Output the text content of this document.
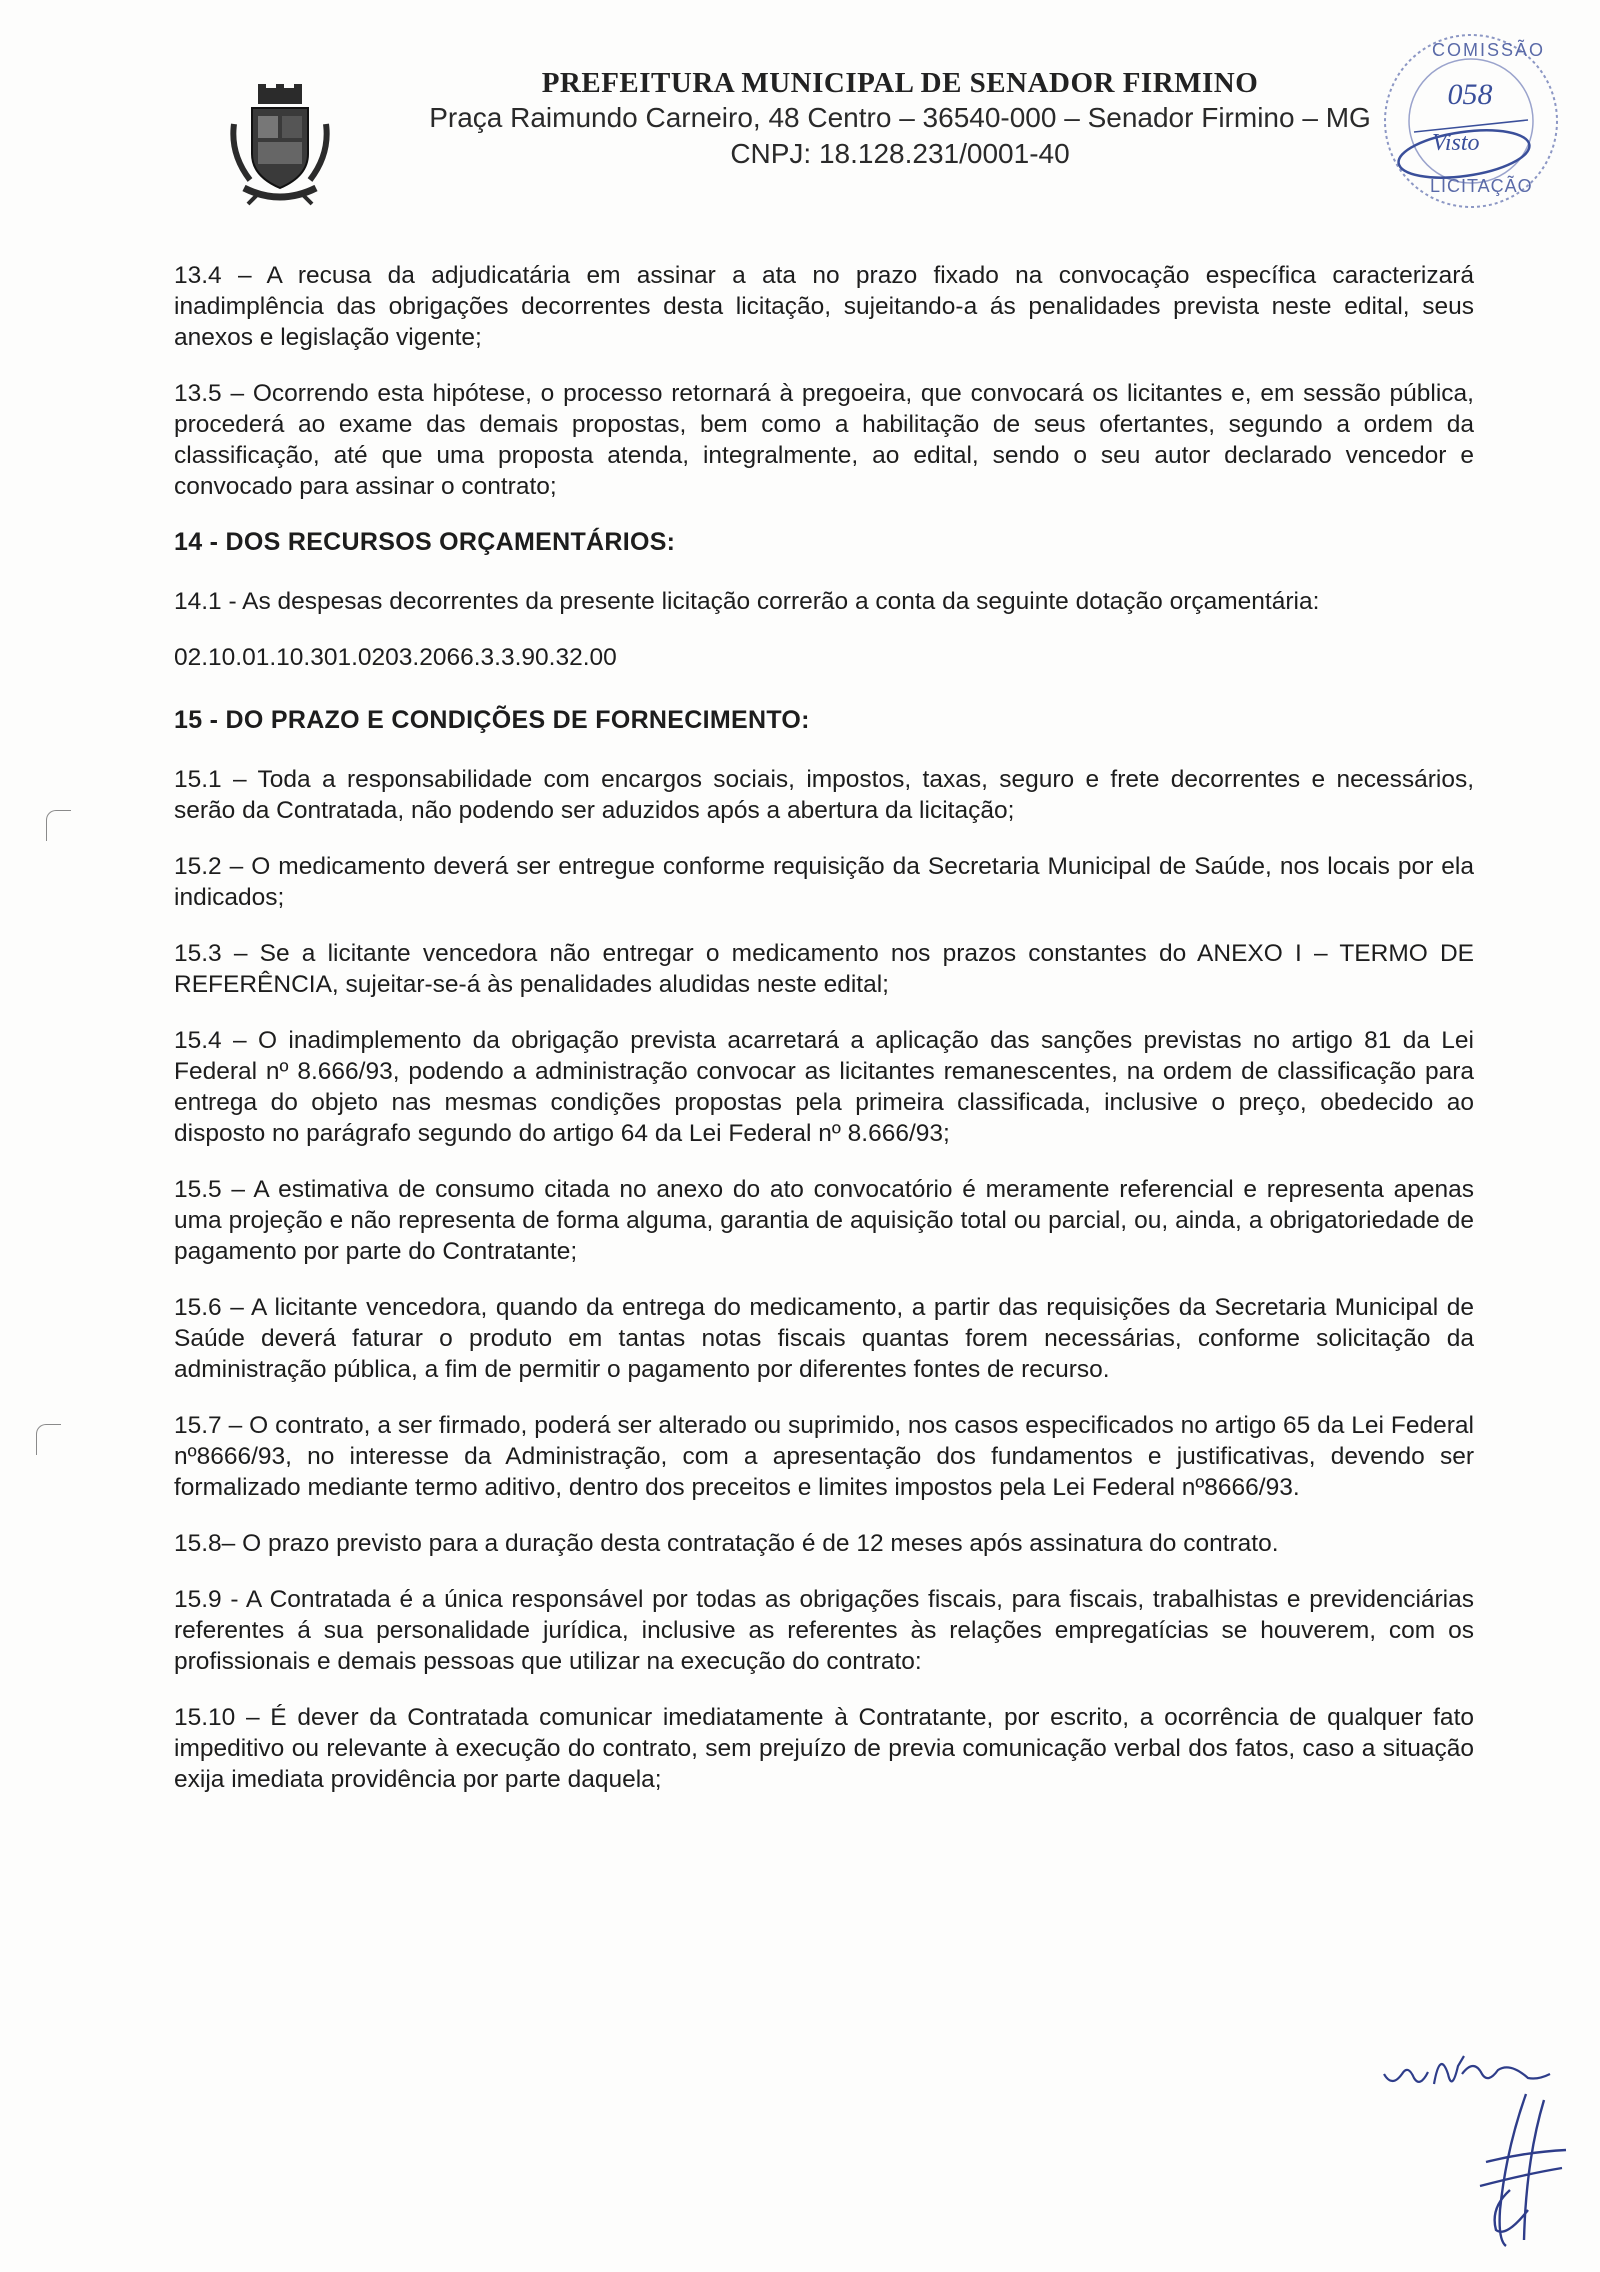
PREFEITURA MUNICIPAL DE SENADOR FIRMINO
Praça Raimundo Carneiro, 48 Centro – 36540-000 – Senador Firmino – MG
CNPJ: 18.128.231/0001-40
COMISSÃO
058
Visto
LICITAÇÃO

13.4 – A recusa da adjudicatária em assinar a ata no prazo fixado na convocação específica caracterizará inadimplência das obrigações decorrentes desta licitação, sujeitando-a ás penalidades prevista neste edital, seus anexos e legislação vigente;

13.5 – Ocorrendo esta hipótese, o processo retornará à pregoeira, que convocará os licitantes e, em sessão pública, procederá ao exame das demais propostas, bem como a habilitação de seus ofertantes, segundo a ordem da classificação, até que uma proposta atenda, integralmente, ao edital, sendo o seu autor declarado vencedor e convocado para assinar o contrato;

14 - DOS RECURSOS ORÇAMENTÁRIOS:

14.1 - As despesas decorrentes da presente licitação correrão a conta da seguinte dotação orçamentária:

02.10.01.10.301.0203.2066.3.3.90.32.00
15 - DO PRAZO E CONDIÇÕES DE FORNECIMENTO:

15.1 – Toda a responsabilidade com encargos sociais, impostos, taxas, seguro e frete decorrentes e necessários, serão da Contratada, não podendo ser aduzidos após a abertura da licitação;

15.2 – O medicamento deverá ser entregue conforme requisição da Secretaria Municipal de Saúde, nos locais por ela indicados;

15.3 – Se a licitante vencedora não entregar o medicamento nos prazos constantes do ANEXO I – TERMO DE REFERÊNCIA, sujeitar-se-á às penalidades aludidas neste edital;

15.4 – O inadimplemento da obrigação prevista acarretará a aplicação das sanções previstas no artigo 81 da Lei Federal nº 8.666/93, podendo a administração convocar as licitantes remanescentes, na ordem de classificação para entrega do objeto nas mesmas condições propostas pela primeira classificada, inclusive o preço, obedecido ao disposto no parágrafo segundo do artigo 64 da Lei Federal nº 8.666/93;

15.5 – A estimativa de consumo citada no anexo do ato convocatório é meramente referencial e representa apenas uma projeção e não representa de forma alguma, garantia de aquisição total ou parcial, ou, ainda, a obrigatoriedade de pagamento por parte do Contratante;

15.6 – A licitante vencedora, quando da entrega do medicamento, a partir das requisições da Secretaria Municipal de Saúde deverá faturar o produto em tantas notas fiscais quantas forem necessárias, conforme solicitação da administração pública, a fim de permitir o pagamento por diferentes fontes de recurso.

15.7 – O contrato, a ser firmado, poderá ser alterado ou suprimido, nos casos especificados no artigo 65 da Lei Federal nº8666/93, no interesse da Administração, com a apresentação dos fundamentos e justificativas, devendo ser formalizado mediante termo aditivo, dentro dos preceitos e limites impostos pela Lei Federal nº8666/93.

15.8– O prazo previsto para a duração desta contratação é de 12 meses após assinatura do contrato.

15.9 - A Contratada é a única responsável por todas as obrigações fiscais, para fiscais, trabalhistas e previdenciárias referentes á sua personalidade jurídica, inclusive as referentes às relações empregatícias se houverem, com os profissionais e demais pessoas que utilizar na execução do contrato:

15.10 – É dever da Contratada comunicar imediatamente à Contratante, por escrito, a ocorrência de qualquer fato impeditivo ou relevante à execução do contrato, sem prejuízo de previa comunicação verbal dos fatos, caso a situação exija imediata providência por parte daquela;
